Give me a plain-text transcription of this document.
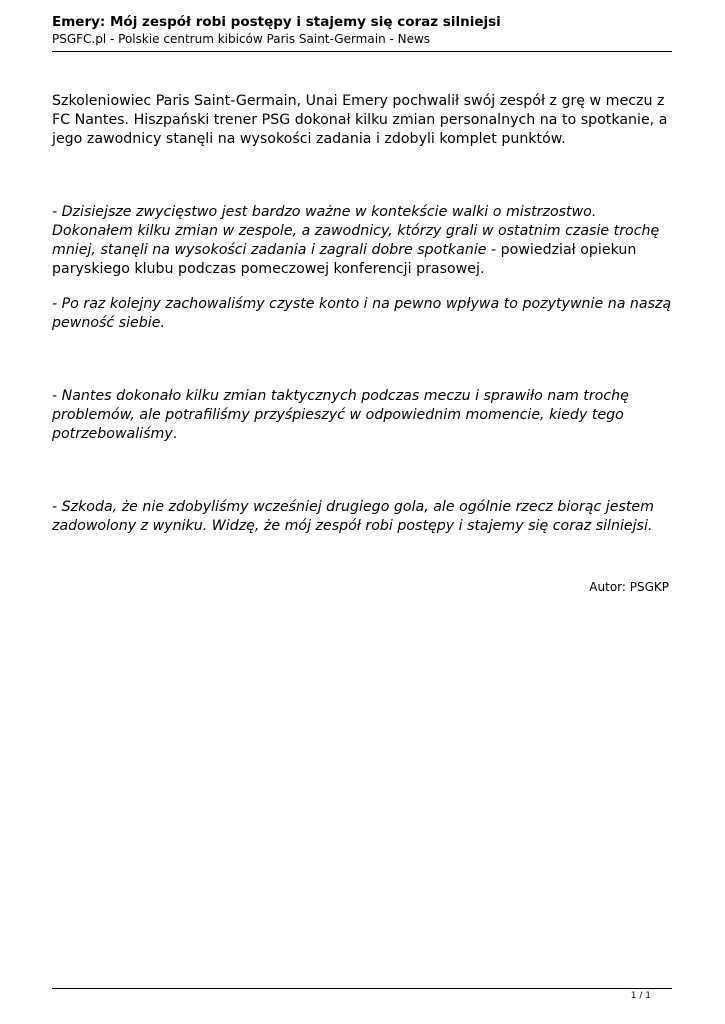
Emery: Mój zespół robi postępy i stajemy się coraz silniejsi
PSGFC.pl - Polskie centrum kibiców Paris Saint-Germain - News

Szkoleniowiec Paris Saint-Germain, Unai Emery pochwalił swój zespół z grę w meczu z FC Nantes. Hiszpański trener PSG dokonał kilku zmian personalnych na to spotkanie, a jego zawodnicy stanęli na wysokości zadania i zdobyli komplet punktów.

- Dzisiejsze zwycięstwo jest bardzo ważne w kontekście walki o mistrzostwo. Dokonałem kilku zmian w zespole, a zawodnicy, którzy grali w ostatnim czasie trochę mniej, stanęli na wysokości zadania i zagrali dobre spotkanie - powiedział opiekun paryskiego klubu podczas pomeczowej konferencji prasowej.

- Po raz kolejny zachowaliśmy czyste konto i na pewno wpływa to pozytywnie na naszą pewność siebie.

- Nantes dokonało kilku zmian taktycznych podczas meczu i sprawiło nam trochę problemów, ale potrafiliśmy przyśpieszyć w odpowiednim momencie, kiedy tego potrzebowaliśmy.

- Szkoda, że nie zdobyliśmy wcześniej drugiego gola, ale ogólnie rzecz biorąc jestem zadowolony z wyniku. Widzę, że mój zespół robi postępy i stajemy się coraz silniejsi.

Autor: PSGKP
1 / 1
